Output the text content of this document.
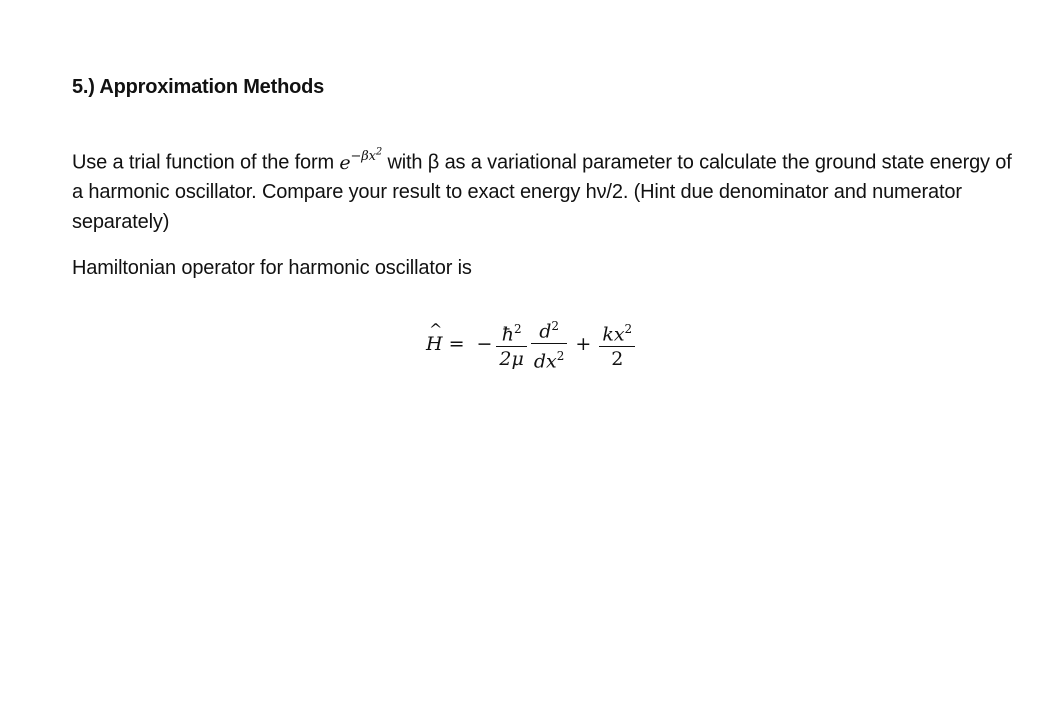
5.) Approximation Methods
Use a trial function of the form $e^{-\beta x^2}$ with β as a variational parameter to calculate the ground state energy of a harmonic oscillator. Compare your result to exact energy hν/2. (Hint due denominator and numerator separately)
Hamiltonian operator for harmonic oscillator is
^ H = − $\frac{ħ^2}{2\mu} \frac{d^2}{dx^2} + \frac{kx^2}{2}$
